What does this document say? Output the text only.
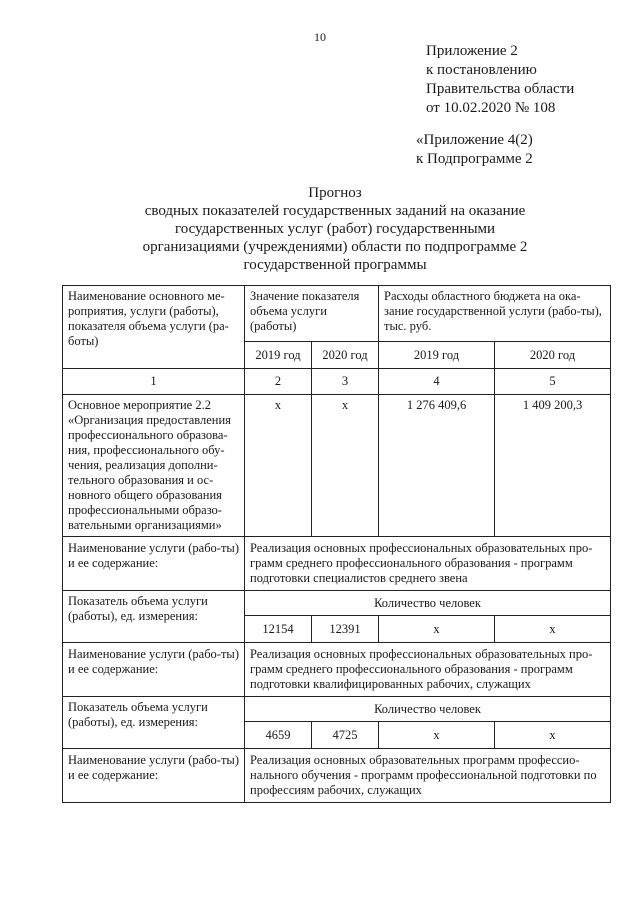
10
Приложение 2
к постановлению
Правительства области
от 10.02.2020 № 108
«Приложение 4(2)
к Подпрограмме 2
Прогноз
сводных показателей государственных заданий на оказание
государственных услуг (работ) государственными
организациями (учреждениями) области по подпрограмме 2
государственной программы
Наименование основного ме-роприятия, услуги (работы), показателя объема услуги (ра-боты)	Значение показателя объема услуги (работы)		Расходы областного бюджета на ока-зание государственной услуги (рабо-ты), тыс. руб.	
	2019 год	2020 год	2019 год	2020 год
1	2	3	4	5
Основное мероприятие 2.2 «Организация предоставления профессионального образова-ния, профессионального обу-чения, реализация дополни-тельного образования и ос-новного общего образования профессиональными образо-вательными организациями»	x	x	1 276 409,6	1 409 200,3
Наименование услуги (рабо-ты) и ее содержание:	Реализация основных профессиональных образовательных про-грамм среднего профессионального образования - программ подготовки специалистов среднего звена			
Показатель объема услуги (работы), ед. измерения:	Количество человек			
	12154	12391	x	x
Наименование услуги (рабо-ты) и ее содержание:	Реализация основных профессиональных образовательных про-грамм среднего профессионального образования - программ подготовки квалифицированных рабочих, служащих			
Показатель объема услуги (работы), ед. измерения:	Количество человек			
	4659	4725	x	x
Наименование услуги (рабо-ты) и ее содержание:	Реализация основных образовательных программ профессио-нального обучения - программ профессиональной подготовки по профессиям рабочих, служащих			
